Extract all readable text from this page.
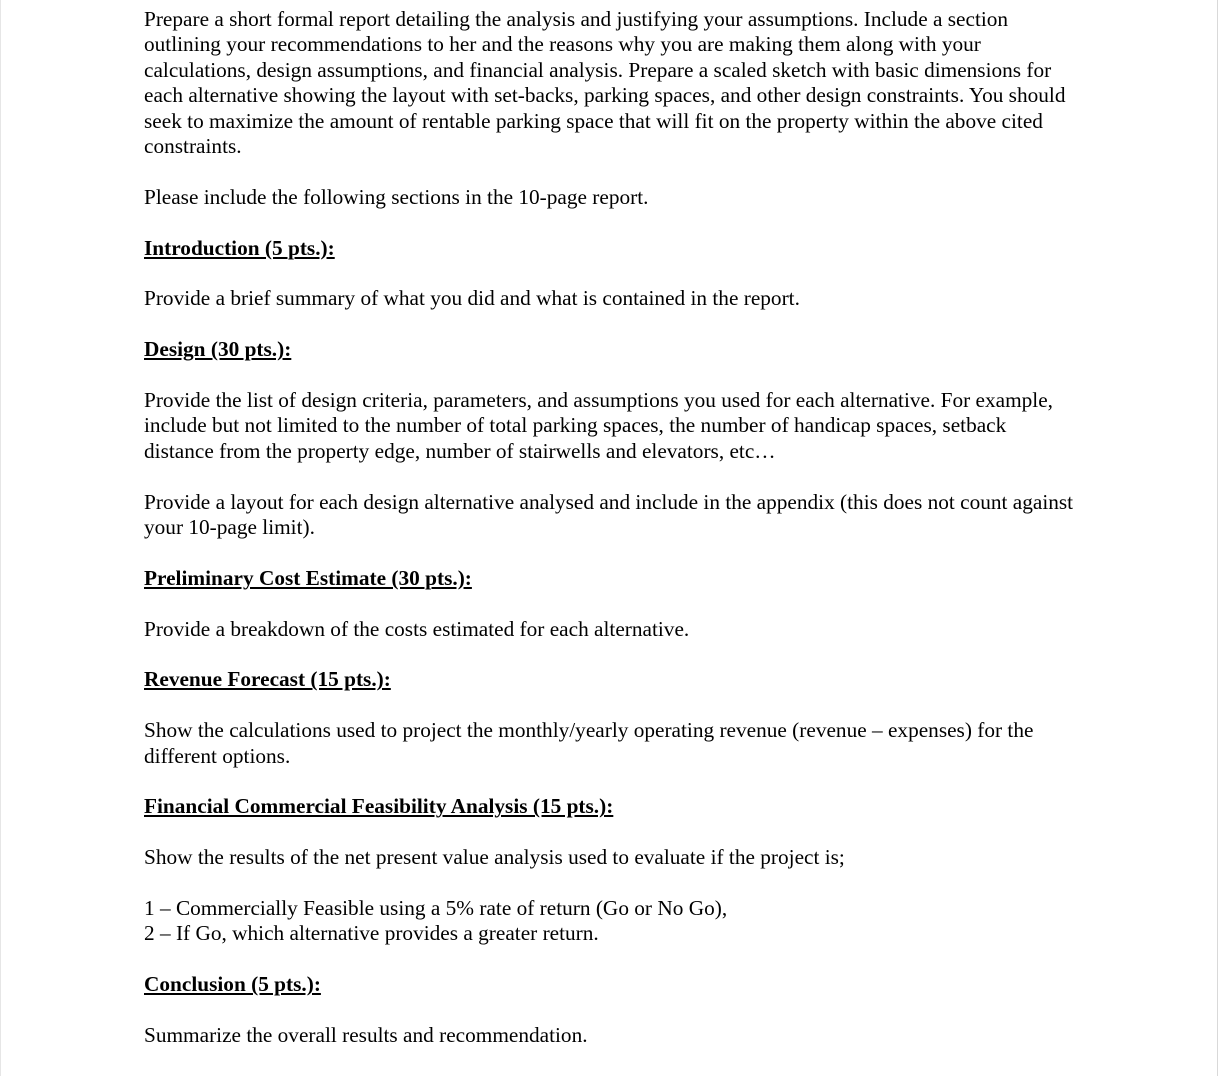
Prepare a short formal report detailing the analysis and justifying your assumptions. Include a section outlining your recommendations to her and the reasons why you are making them along with your calculations, design assumptions, and financial analysis. Prepare a scaled sketch with basic dimensions for each alternative showing the layout with set-backs, parking spaces, and other design constraints. You should seek to maximize the amount of rentable parking space that will fit on the property within the above cited constraints.

Please include the following sections in the 10-page report.

Introduction (5 pts.):

Provide a brief summary of what you did and what is contained in the report.

Design (30 pts.):

Provide the list of design criteria, parameters, and assumptions you used for each alternative. For example, include but not limited to the number of total parking spaces, the number of handicap spaces, setback distance from the property edge, number of stairwells and elevators, etc…

Provide a layout for each design alternative analysed and include in the appendix (this does not count against your 10-page limit).

Preliminary Cost Estimate (30 pts.):

Provide a breakdown of the costs estimated for each alternative.

Revenue Forecast (15 pts.):

Show the calculations used to project the monthly/yearly operating revenue (revenue – expenses) for the different options.

Financial Commercial Feasibility Analysis (15 pts.):

Show the results of the net present value analysis used to evaluate if the project is;

1 – Commercially Feasible using a 5% rate of return (Go or No Go),

2 – If Go, which alternative provides a greater return.

Conclusion (5 pts.):

Summarize the overall results and recommendation.
